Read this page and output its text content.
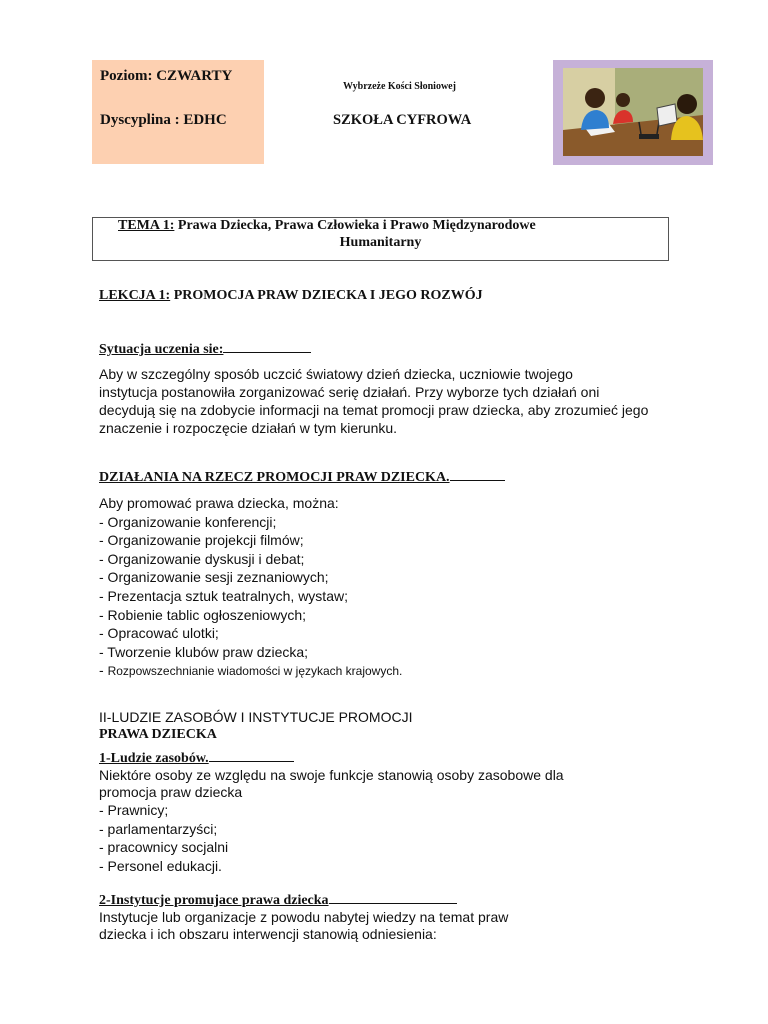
Poziom: CZWARTY
Dyscyplina : EDHC
Wybrzeże Kości Słoniowej
SZKOŁA CYFROWA
TEMA 1: Prawa Dziecka, Prawa Człowieka i Prawo Międzynarodowe
Humanitarny
LEKCJA 1: PROMOCJA PRAW DZIECKA I JEGO ROZWÓJ
Sytuacja uczenia sie:
Aby w szczególny sposób uczcić światowy dzień dziecka, uczniowie twojego
instytucja postanowiła zorganizować serię działań. Przy wyborze tych działań oni
decydują się na zdobycie informacji na temat promocji praw dziecka, aby zrozumieć jego
znaczenie i rozpoczęcie działań w tym kierunku.
DZIAŁANIA NA RZECZ PROMOCJI PRAW DZIECKA.
Aby promować prawa dziecka, można:
- Organizowanie konferencji;
- Organizowanie projekcji filmów;
- Organizowanie dyskusji i debat;
- Organizowanie sesji zeznaniowych;
- Prezentacja sztuk teatralnych, wystaw;
- Robienie tablic ogłoszeniowych;
- Opracować ulotki;
- Tworzenie klubów praw dziecka;
- Rozpowszechnianie wiadomości w językach krajowych.
II-LUDZIE ZASOBÓW I INSTYTUCJE PROMOCJI
PRAWA DZIECKA
1-Ludzie zasobów.
Niektóre osoby ze względu na swoje funkcje stanowią osoby zasobowe dla
promocja praw dziecka
- Prawnicy;
- parlamentarzyści;
- pracownicy socjalni
- Personel edukacji.
2-Instytucje promujace prawa dziecka
Instytucje lub organizacje z powodu nabytej wiedzy na temat praw
dziecka i ich obszaru interwencji stanowią odniesienia:
